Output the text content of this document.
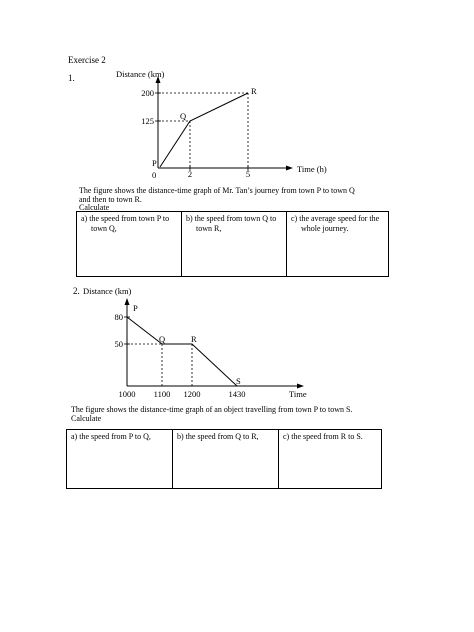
Exercise 2
1.	Distance (km)
200
125
R
Q
P
0	2	5	Time (h)
The figure shows the distance-time graph of Mr. Tan’s journey from town P to town Q
and then to town R.
Calculate
a) the speed from town P to
town Q,

b) the speed from town Q to
town R,

c) the average speed for the
whole journey.
2. Distance (km)
80
50
P
Q	R
S
1000 1100 1200	1430	Time
The figure shows the distance-time graph of an object travelling from town P to town S.
Calculate
a) the speed from P to Q,	b) the speed from Q to R,	c) the speed from R to S.
